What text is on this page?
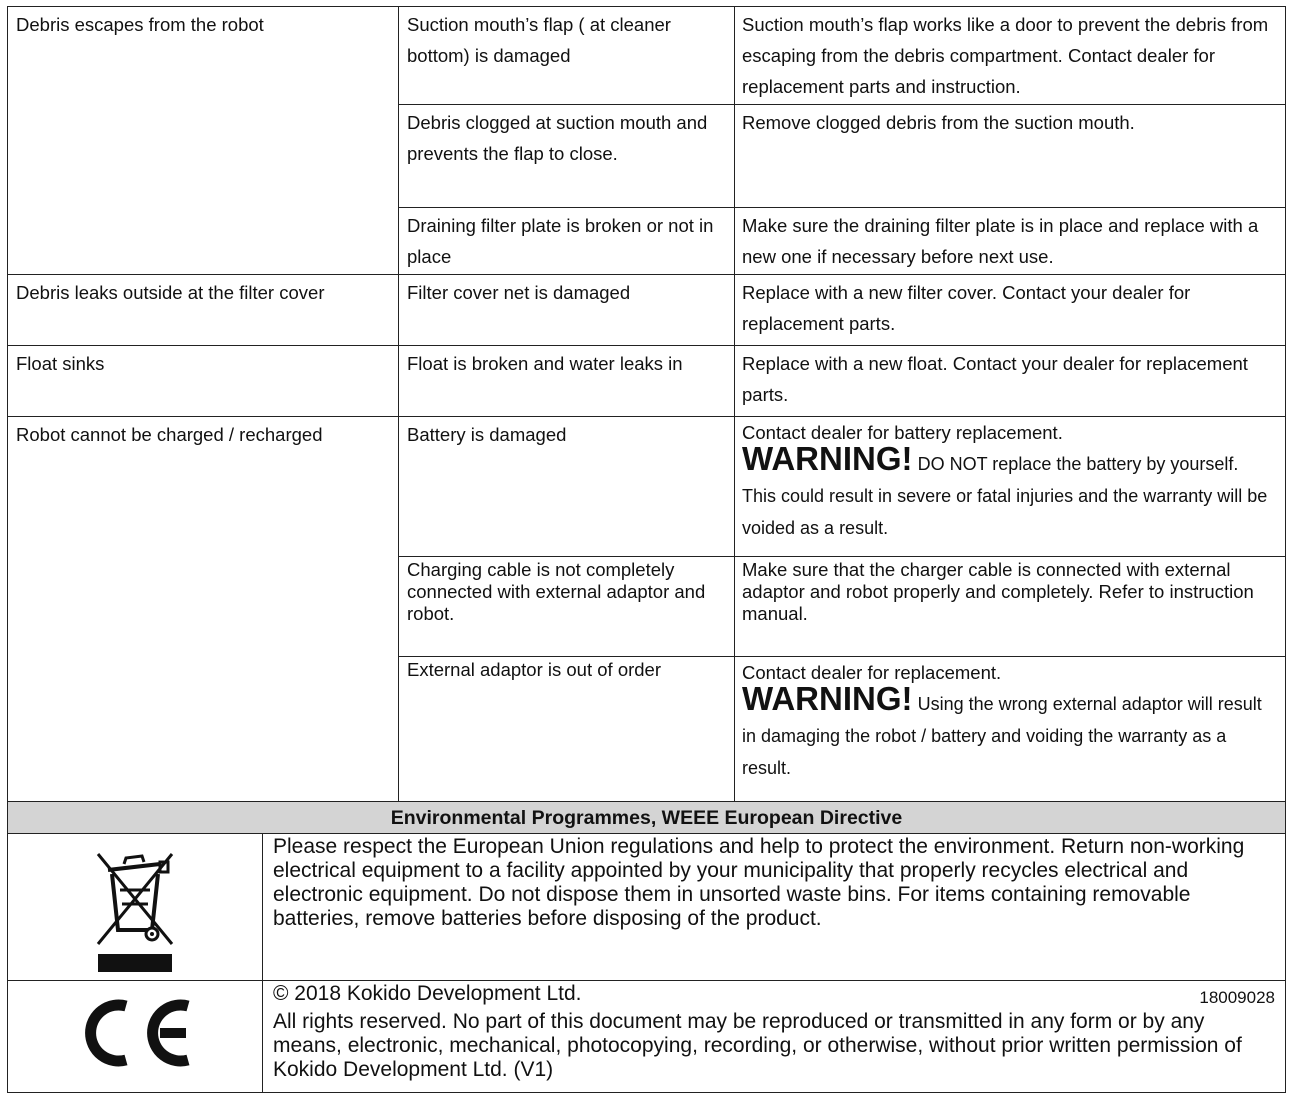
Debris escapes from the robot	Suction mouth’s flap ( at cleaner bottom) is damaged	Suction mouth’s flap works like a door to prevent the debris from escaping from the debris compartment. Contact dealer for replacement parts and instruction.
	Debris clogged at suction mouth and prevents the flap to close.	Remove clogged debris from the suction mouth.
	Draining filter plate is broken or not in place	Make sure the draining filter plate is in place and replace with a new one if necessary before next use.
Debris leaks outside at the filter cover	Filter cover net is damaged	Replace with a new filter cover. Contact your dealer for replacement parts.
Float sinks	Float is broken and water leaks in	Replace with a new float. Contact your dealer for replacement parts.
Robot cannot be charged / recharged	Battery is damaged	Contact dealer for battery replacement.
WARNING! DO NOT replace the battery by yourself. This could result in severe or fatal injuries and the warranty will be voided as a result.

	Charging cable is not completely connected with external adaptor and robot.	Make sure that the charger cable is connected with external adaptor and robot properly and completely. Refer to instruction manual.
	External adaptor is out of order	Contact dealer for replacement.
WARNING! Using the wrong external adaptor will result in damaging the robot / battery and voiding the warranty as a result.
Environmental Programmes, WEEE European Directive	
	Please respect the European Union regulations and help to protect the environment. Return non-working electrical equipment to a facility appointed by your municipality that properly recycles electrical and electronic equipment. Do not dispose them in unsorted waste bins. For items containing removable batteries, remove batteries before disposing of the product.

© 2018 Kokido Development Ltd. 18009028
All rights reserved. No part of this document may be reproduced or transmitted in any form or by any means, electronic, mechanical, photocopying, recording, or otherwise, without prior written permission of Kokido Development Ltd. (V1)
